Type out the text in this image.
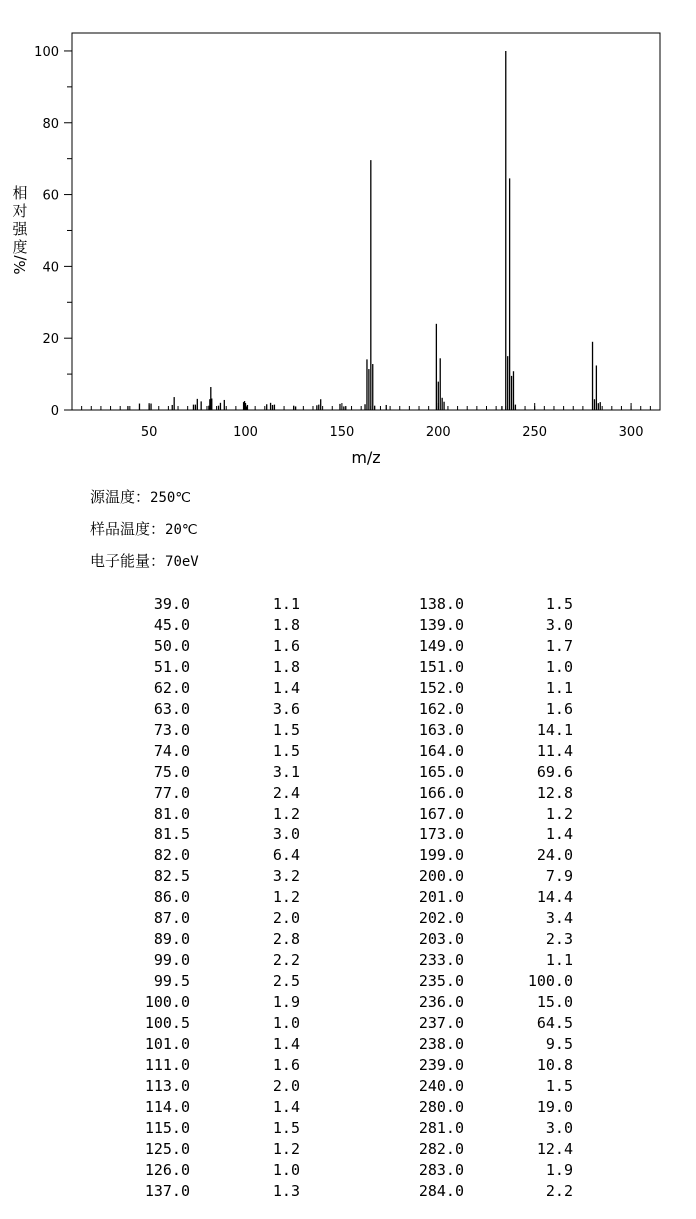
50	100	150	200	250	300
0
20
40
60
80
100
m/z
相
对
强
度
%/
源温度：250℃
样品温度：20℃
电子能量：70eV
39.0	1.1	138.0	1.5
45.0	1.8	139.0	3.0
50.0	1.6	149.0	1.7
51.0	1.8	151.0	1.0
62.0	1.4	152.0	1.1
63.0	3.6	162.0	1.6
73.0	1.5	163.0	14.1
74.0	1.5	164.0	11.4
75.0	3.1	165.0	69.6
77.0	2.4	166.0	12.8
81.0	1.2	167.0	1.2
81.5	3.0	173.0	1.4
82.0	6.4	199.0	24.0
82.5	3.2	200.0	7.9
86.0	1.2	201.0	14.4
87.0	2.0	202.0	3.4
89.0	2.8	203.0	2.3
99.0	2.2	233.0	1.1
99.5	2.5	235.0	100.0
100.0	1.9	236.0	15.0
100.5	1.0	237.0	64.5
101.0	1.4	238.0	9.5
111.0	1.6	239.0	10.8
113.0	2.0	240.0	1.5
114.0	1.4	280.0	19.0
115.0	1.5	281.0	3.0
125.0	1.2	282.0	12.4
126.0	1.0	283.0	1.9
137.0	1.3	284.0	2.2
